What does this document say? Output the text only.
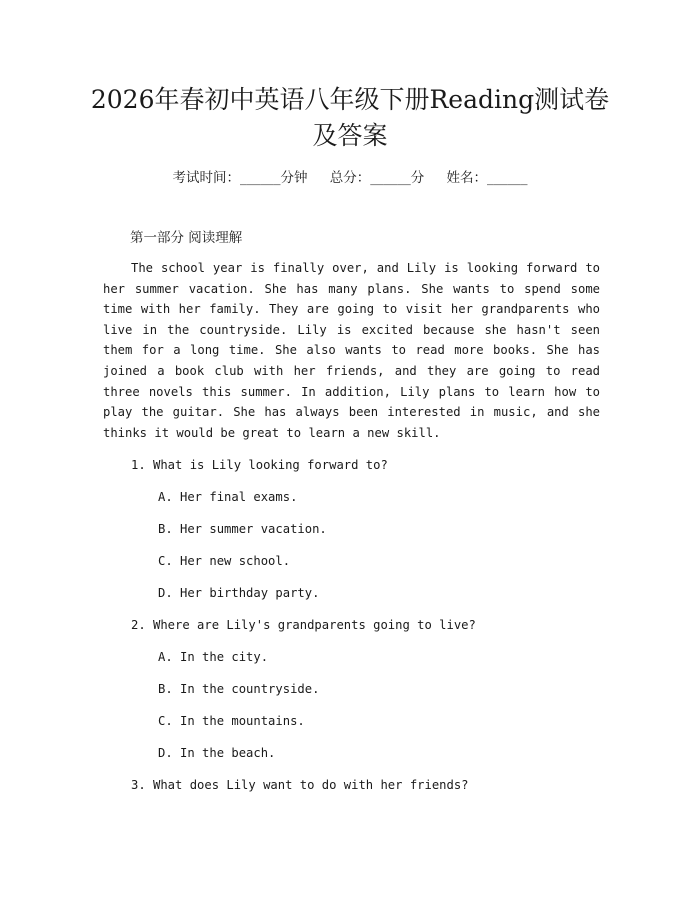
2026年春初中英语八年级下册Reading测试卷及答案
考试时间：______分钟 总分：______分 姓名：______
第一部分 阅读理解

The school year is finally over, and Lily is looking forward to her summer vacation. She has many plans. She wants to spend some time with her family. They are going to visit her grandparents who live in the countryside. Lily is excited because she hasn't seen them for a long time. She also wants to read more books. She has joined a book club with her friends, and they are going to read three novels this summer. In addition, Lily plans to learn how to play the guitar. She has always been interested in music, and she thinks it would be great to learn a new skill.

1. What is Lily looking forward to?
A. Her final exams.
B. Her summer vacation.
C. Her new school.
D. Her birthday party.
2. Where are Lily's grandparents going to live?
A. In the city.
B. In the countryside.
C. In the mountains.
D. In the beach.
3. What does Lily want to do with her friends?
